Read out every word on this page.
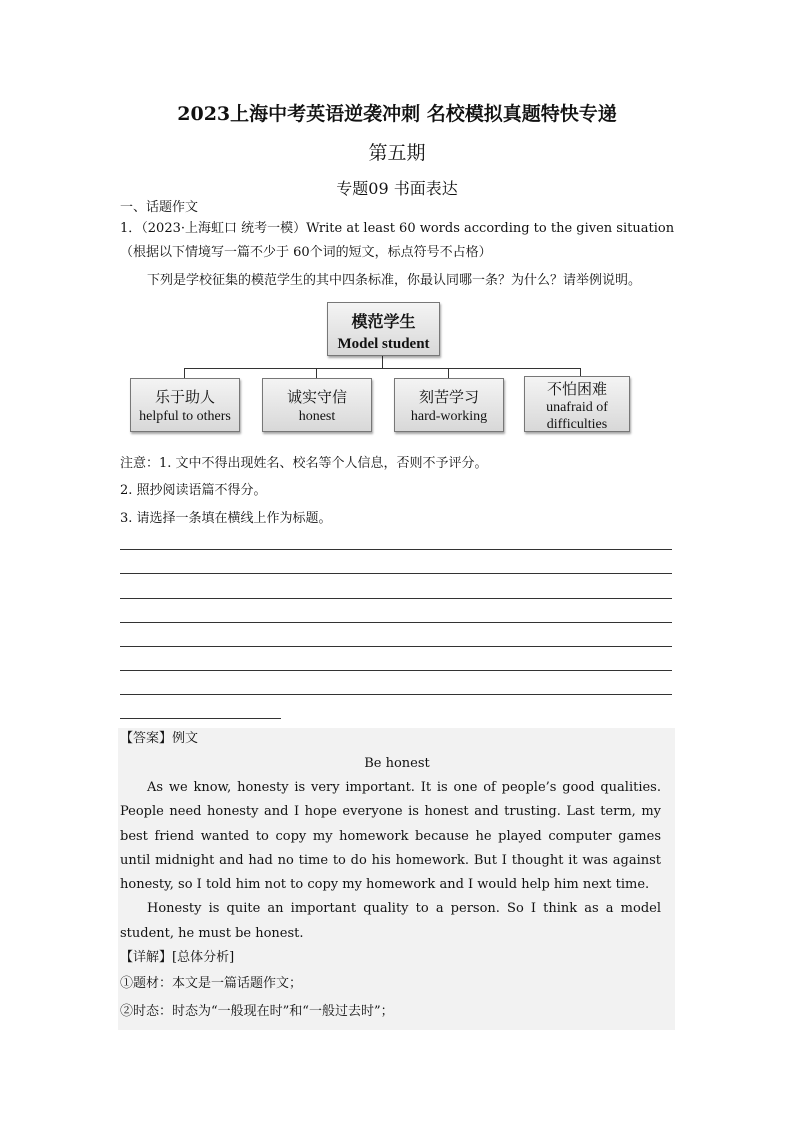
2023上海中考英语逆袭冲刺 名校模拟真题特快专递
第五期
专题09 书面表达
一、话题作文
1．（2023·上海虹口 统考一模）Write at least 60 words according to the given situation（根据以下情境写一篇不少于 60个词的短文，标点符号不占格）
下列是学校征集的模范学生的其中四条标准，你最认同哪一条？为什么？请举例说明。
模范学生
Model student
乐于助人
helpful to others
诚实守信
honest
刻苦学习
hard-working
不怕困难
unafraid of difficulties
注意：1. 文中不得出现姓名、校名等个人信息，否则不予评分。
2. 照抄阅读语篇不得分。
3. 请选择一条填在横线上作为标题。
【答案】例文
Be honest

As we know, honesty is very important. It is one of people’s good qualities. People need honesty and I hope everyone is honest and trusting. Last term, my best friend wanted to copy my homework because he played computer games until midnight and had no time to do his homework. But I thought it was against honesty, so I told him not to copy my homework and I would help him next time.

Honesty is quite an important quality to a person. So I think as a model student, he must be honest.

【详解】[总体分析]
①题材：本文是一篇话题作文；
②时态：时态为“一般现在时”和“一般过去时”；
